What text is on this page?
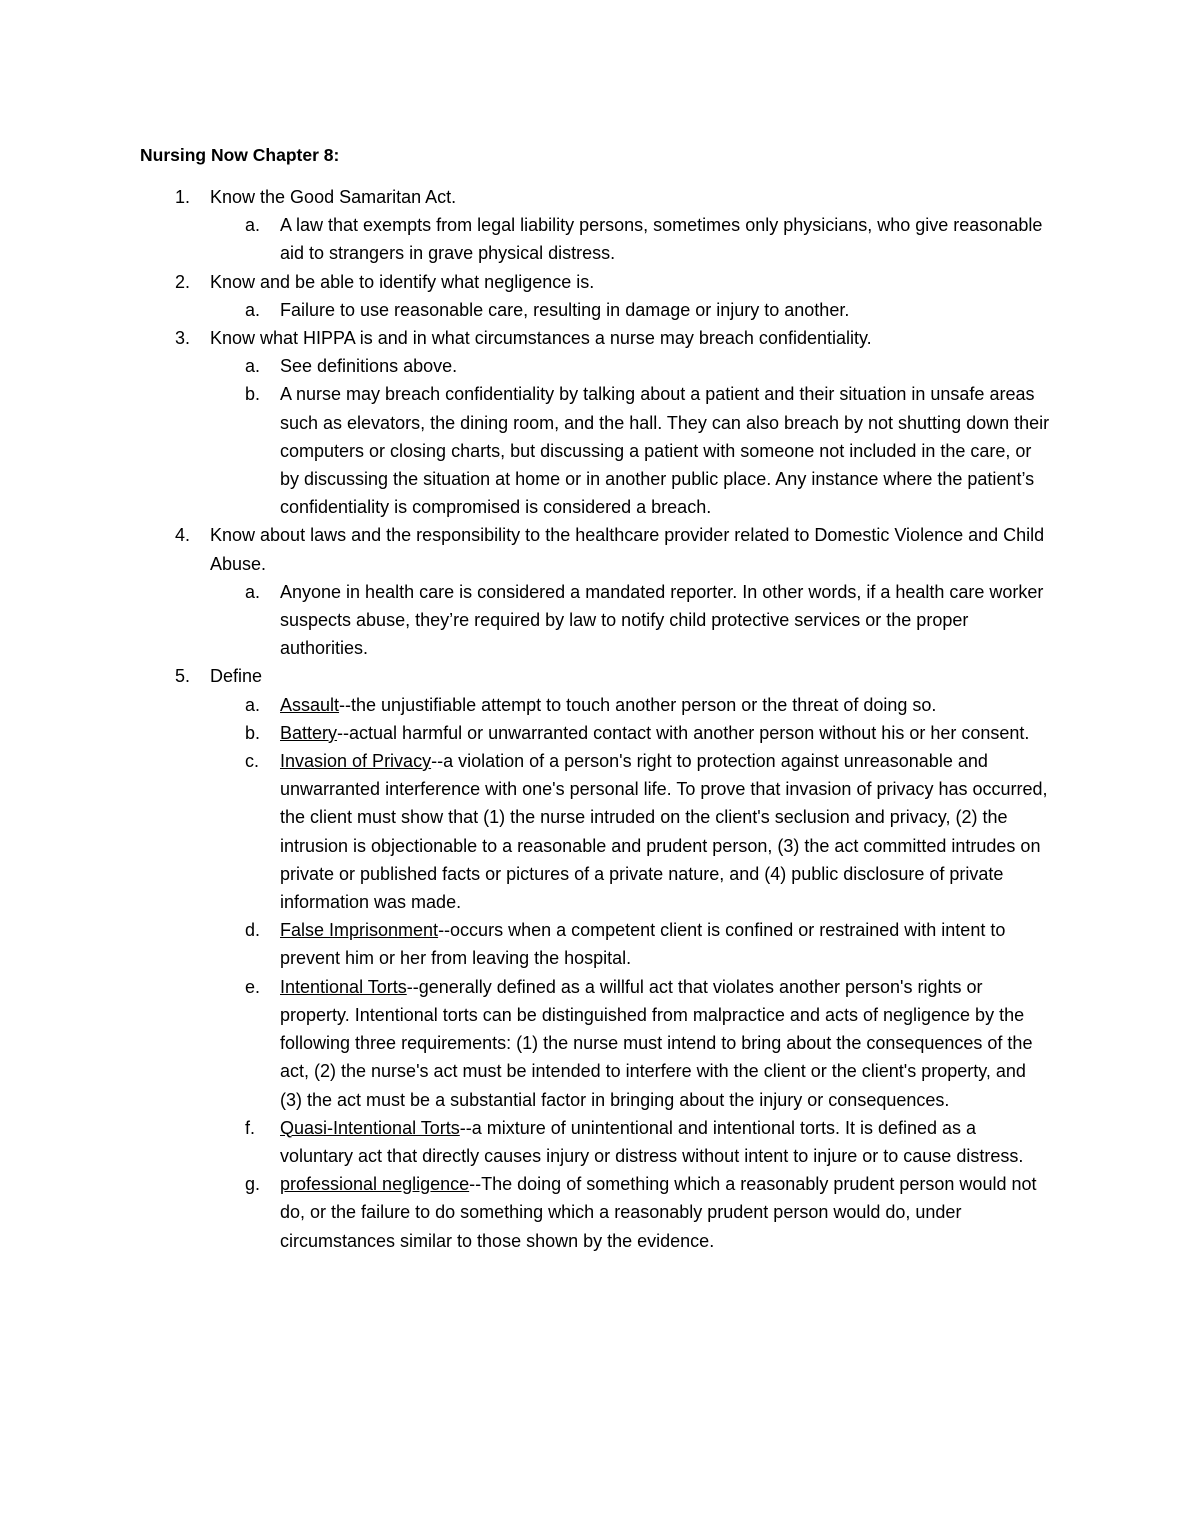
Nursing Now Chapter 8:
1. Know the Good Samaritan Act.
a. A law that exempts from legal liability persons, sometimes only physicians, who give reasonable aid to strangers in grave physical distress.
2. Know and be able to identify what negligence is.
a. Failure to use reasonable care, resulting in damage or injury to another.
3. Know what HIPPA is and in what circumstances a nurse may breach confidentiality.
a. See definitions above.
b. A nurse may breach confidentiality by talking about a patient and their situation in unsafe areas such as elevators, the dining room, and the hall. They can also breach by not shutting down their computers or closing charts, but discussing a patient with someone not included in the care, or by discussing the situation at home or in another public place. Any instance where the patient’s confidentiality is compromised is considered a breach.
4. Know about laws and the responsibility to the healthcare provider related to Domestic Violence and Child Abuse.
a. Anyone in health care is considered a mandated reporter. In other words, if a health care worker suspects abuse, they’re required by law to notify child protective services or the proper authorities.
5. Define
a. Assault--the unjustifiable attempt to touch another person or the threat of doing so.
b. Battery--actual harmful or unwarranted contact with another person without his or her consent.
c. Invasion of Privacy--a violation of a person's right to protection against unreasonable and unwarranted interference with one's personal life. To prove that invasion of privacy has occurred, the client must show that (1) the nurse intruded on the client's seclusion and privacy, (2) the intrusion is objectionable to a reasonable and prudent person, (3) the act committed intrudes on private or published facts or pictures of a private nature, and (4) public disclosure of private information was made.
d. False Imprisonment--occurs when a competent client is confined or restrained with intent to prevent him or her from leaving the hospital.
e. Intentional Torts--generally defined as a willful act that violates another person's rights or property. Intentional torts can be distinguished from malpractice and acts of negligence by the following three requirements: (1) the nurse must intend to bring about the consequences of the act, (2) the nurse's act must be intended to interfere with the client or the client's property, and (3) the act must be a substantial factor in bringing about the injury or consequences.
f. Quasi-Intentional Torts--a mixture of unintentional and intentional torts. It is defined as a voluntary act that directly causes injury or distress without intent to injure or to cause distress.
g. professional negligence--The doing of something which a reasonably prudent person would not do, or the failure to do something which a reasonably prudent person would do, under circumstances similar to those shown by the evidence.
